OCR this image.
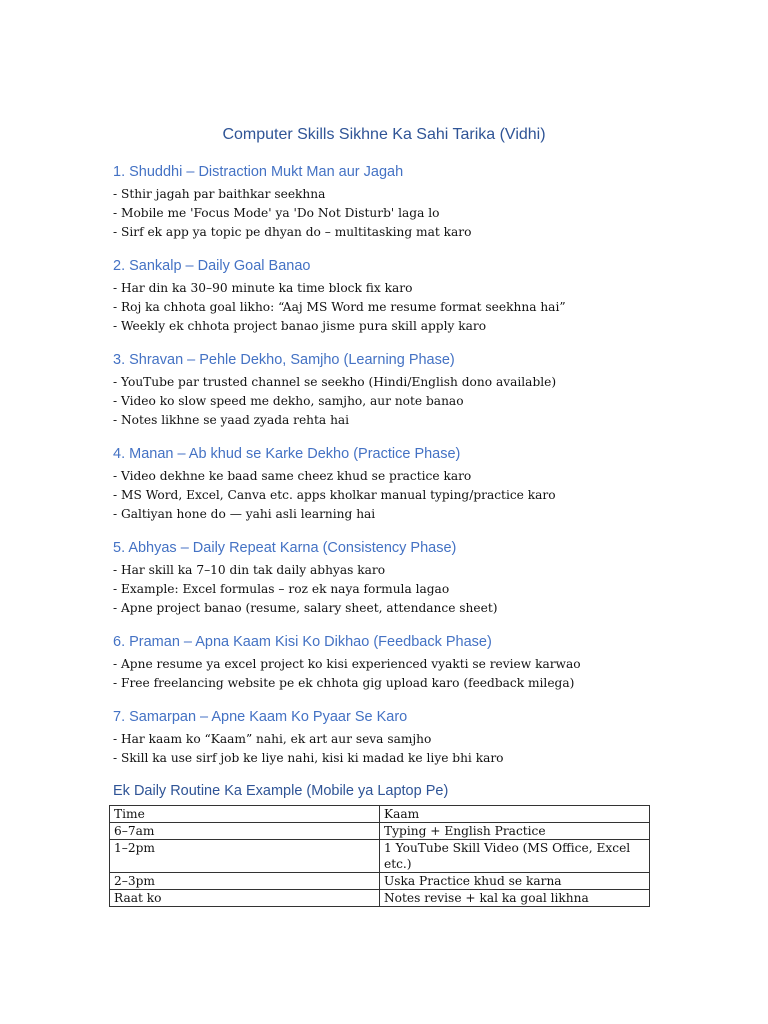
Computer Skills Sikhne Ka Sahi Tarika (Vidhi)
1. Shuddhi – Distraction Mukt Man aur Jagah
- Sthir jagah par baithkar seekhna
- Mobile me 'Focus Mode' ya 'Do Not Disturb' laga lo
- Sirf ek app ya topic pe dhyan do – multitasking mat karo
2. Sankalp – Daily Goal Banao
- Har din ka 30–90 minute ka time block fix karo
- Roj ka chhota goal likho: “Aaj MS Word me resume format seekhna hai”
- Weekly ek chhota project banao jisme pura skill apply karo
3. Shravan – Pehle Dekho, Samjho (Learning Phase)
- YouTube par trusted channel se seekho (Hindi/English dono available)
- Video ko slow speed me dekho, samjho, aur note banao
- Notes likhne se yaad zyada rehta hai
4. Manan – Ab khud se Karke Dekho (Practice Phase)
- Video dekhne ke baad same cheez khud se practice karo
- MS Word, Excel, Canva etc. apps kholkar manual typing/practice karo
- Galtiyan hone do — yahi asli learning hai
5. Abhyas – Daily Repeat Karna (Consistency Phase)
- Har skill ka 7–10 din tak daily abhyas karo
- Example: Excel formulas – roz ek naya formula lagao
- Apne project banao (resume, salary sheet, attendance sheet)
6. Praman – Apna Kaam Kisi Ko Dikhao (Feedback Phase)
- Apne resume ya excel project ko kisi experienced vyakti se review karwao
- Free freelancing website pe ek chhota gig upload karo (feedback milega)
7. Samarpan – Apne Kaam Ko Pyaar Se Karo
- Har kaam ko “Kaam” nahi, ek art aur seva samjho
- Skill ka use sirf job ke liye nahi, kisi ki madad ke liye bhi karo
Ek Daily Routine Ka Example (Mobile ya Laptop Pe)
Time	Kaam
6–7am	Typing + English Practice
1–2pm	1 YouTube Skill Video (MS Office, Excel etc.)
2–3pm	Uska Practice khud se karna
Raat ko	Notes revise + kal ka goal likhna
